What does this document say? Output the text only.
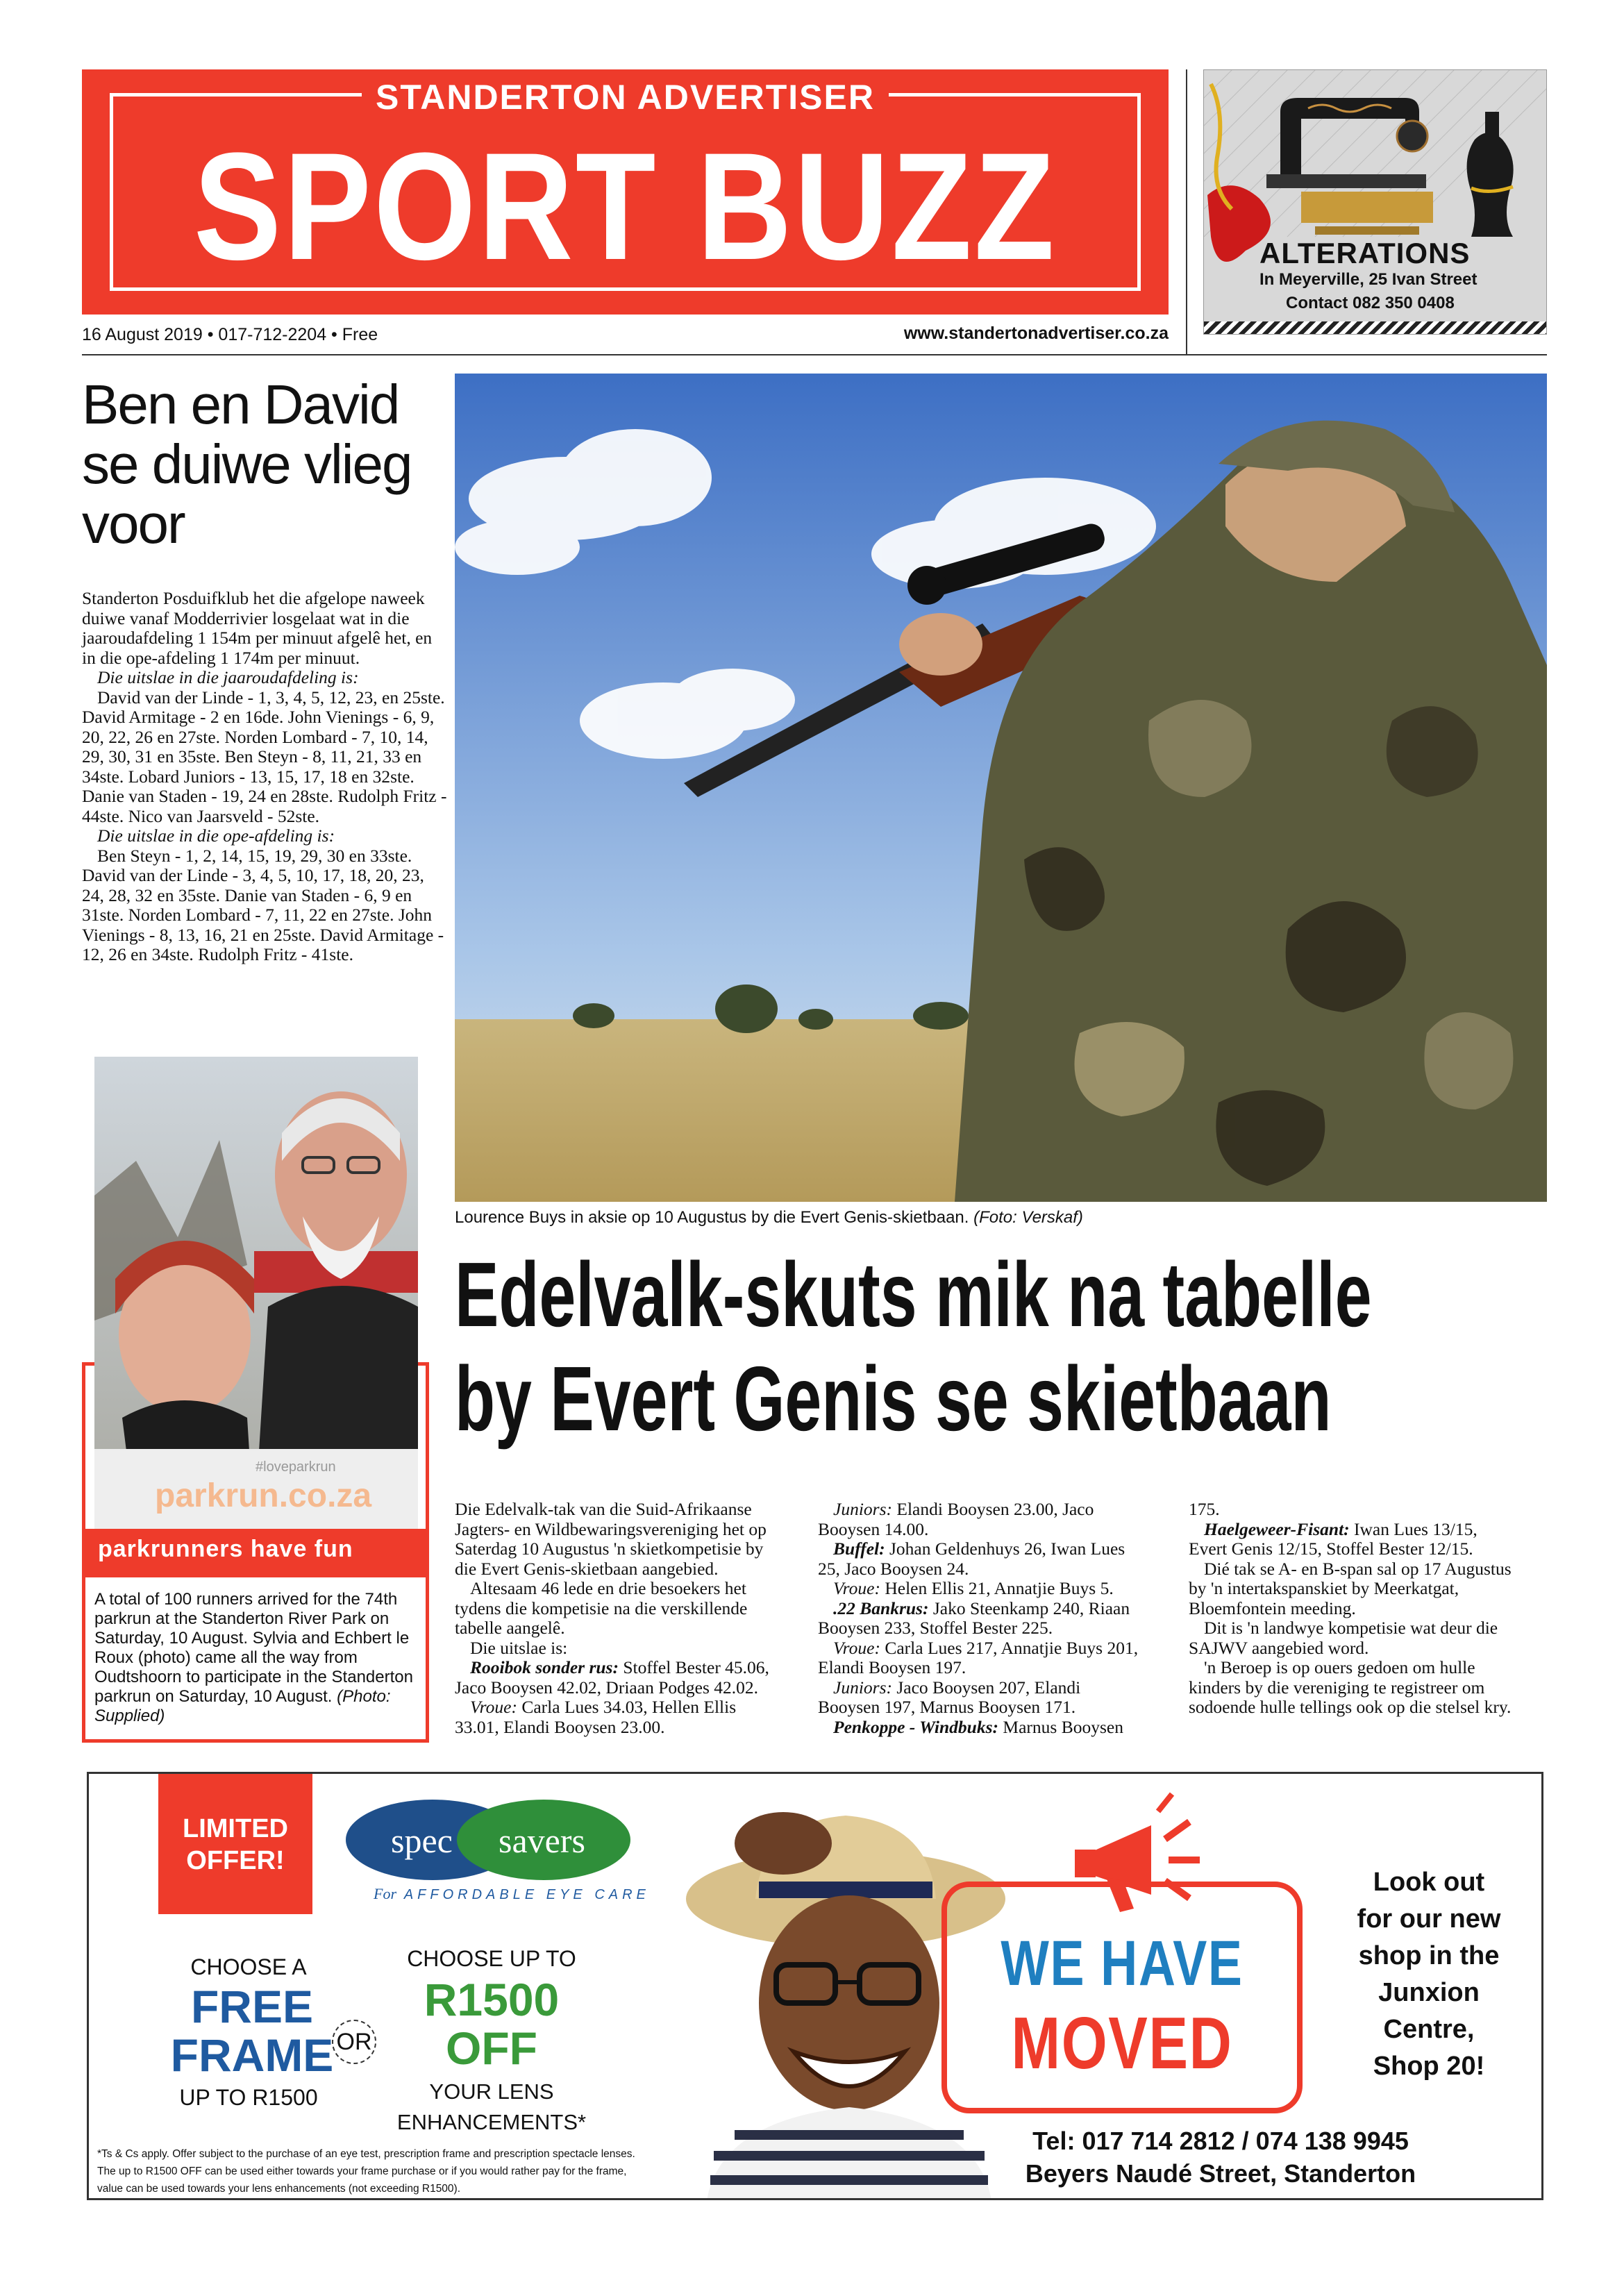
STANDERTON ADVERTISER
SPORT BUZZ
16 August 2019 • 017-712-2204 • Free	www.standertonadvertiser.co.za
ALTERATIONS
In Meyerville, 25 Ivan Street
Contact 082 350 0408
Ben en David
se duiwe vlieg
voor

Standerton Posduifklub het die afgelope naweek duiwe vanaf Modderrivier losgelaat wat in die jaaroudafdeling 1 154m per minuut afgelê het, en in die ope-afdeling 1 174m per minuut.

Die uitslae in die jaaroudafdeling is:

David van der Linde - 1, 3, 4, 5, 12, 23, en 25ste. David Armitage - 2 en 16de. John Vienings - 6, 9, 20, 22, 26 en 27ste. Norden Lombard - 7, 10, 14, 29, 30, 31 en 35ste. Ben Steyn - 8, 11, 21, 33 en 34ste. Lobard Juniors - 13, 15, 17, 18 en 32ste. Danie van Staden - 19, 24 en 28ste. Rudolph Fritz - 44ste. Nico van Jaarsveld - 52ste.

Die uitslae in die ope-afdeling is:

Ben Steyn - 1, 2, 14, 15, 19, 29, 30 en 33ste. David van der Linde - 3, 4, 5, 10, 17, 18, 20, 23, 24, 28, 32 en 35ste. Danie van Staden - 6, 9 en 31ste. Norden Lombard - 7, 11, 22 en 27ste. John Vienings - 8, 13, 16, 21 en 25ste. David Armitage - 12, 26 en 34ste. Rudolph Fritz - 41ste.

#loveparkrun
parkrun.co.za
parkrunners have fun
A total of 100 runners arrived for the 74th parkrun at the Standerton River Park on Saturday, 10 August. Sylvia and Echbert le Roux (photo) came all the way from Oudtshoorn to participate in the Standerton parkrun on Saturday, 10 August. (Photo: Supplied)
Lourence Buys in aksie op 10 Augustus by die Evert Genis-skietbaan. (Foto: Verskaf)
Edelvalk-skuts mik na tabelle
by Evert Genis se skietbaan

Die Edelvalk-tak van die Suid-Afrikaanse Jagters- en Wildbewaringsvereniging het op Saterdag 10 Augustus 'n skietkompetisie by die Evert Genis-skietbaan aangebied.

Altesaam 46 lede en drie besoekers het tydens die kompetisie na die verskillende tabelle aangelê.

Die uitslae is:

Rooibok sonder rus: Stoffel Bester 45.06, Jaco Booysen 42.02, Driaan Podges 42.02.

Vroue: Carla Lues 34.03, Hellen Ellis 33.01, Elandi Booysen 23.00.

Juniors: Elandi Booysen 23.00, Jaco Booysen 14.00.

Buffel: Johan Geldenhuys 26, Iwan Lues 25, Jaco Booysen 24.

Vroue: Helen Ellis 21, Annatjie Buys 5.

.22 Bankrus: Jako Steenkamp 240, Riaan Booysen 233, Stoffel Bester 225.

Vroue: Carla Lues 217, Annatjie Buys 201, Elandi Booysen 197.

Juniors: Jaco Booysen 207, Elandi Booysen 197, Marnus Booysen 171.

Penkoppe - Windbuks: Marnus Booysen

175.

Haelgeweer-Fisant: Iwan Lues 13/15, Evert Genis 12/15, Stoffel Bester 12/15.

Dié tak se A- en B-span sal op 17 Augustus by 'n intertakspanskiet by Meerkatgat, Bloemfontein meeding.

Dit is 'n landwye kompetisie wat deur die SAJWV aangebied word.

'n Beroep is op ouers gedoen om hulle kinders by die vereniging te registreer om sodoende hulle tellings ook op die stelsel kry.

LIMITED
OFFER!
CHOOSE A
FREE
FRAME
UP TO R1500
OR
spec savers
For AFFORDABLE EYE CARE
CHOOSE UP TO
R1500
OFF
YOUR LENS
ENHANCEMENTS*
*Ts & Cs apply. Offer subject to the purchase of an eye test, prescription frame and prescription spectacle lenses.
The up to R1500 OFF can be used either towards your frame purchase or if you would rather pay for the frame,
value can be used towards your lens enhancements (not exceeding R1500).
WE HAVE
MOVED
Look out
for our new
shop in the
Junxion
Centre,
Shop 20!
Tel: 017 714 2812 / 074 138 9945
Beyers Naudé Street, Standerton
